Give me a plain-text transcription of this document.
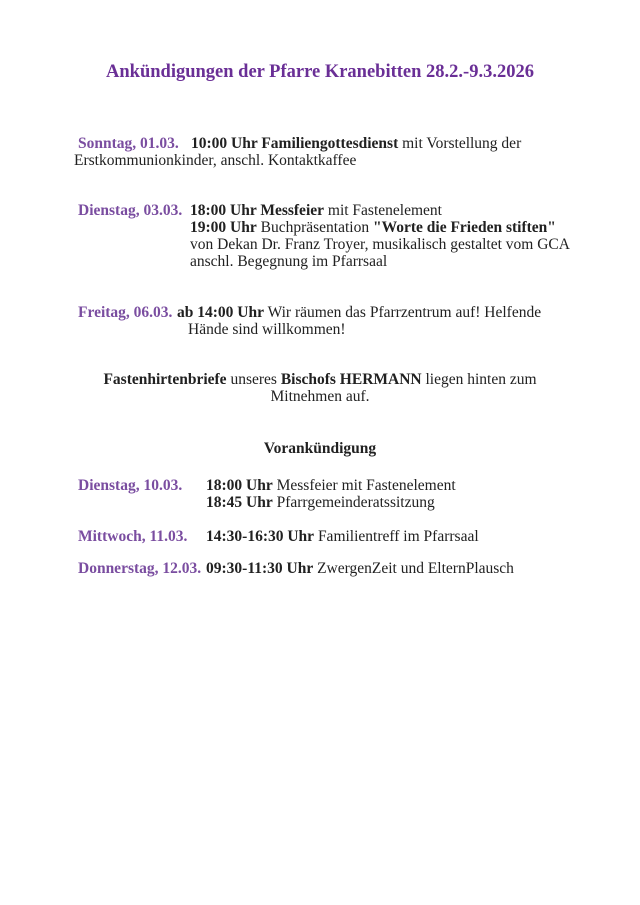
Ankündigungen der Pfarre Kranebitten 28.2.-9.3.2026
Sonntag, 01.03. 10:00 Uhr Familiengottesdienst mit Vorstellung der
Erstkommunionkinder, anschl. Kontaktkaffee
Dienstag, 03.03. 18:00 Uhr Messfeier mit Fastenelement
19:00 Uhr Buchpräsentation "Worte die Frieden stiften"
von Dekan Dr. Franz Troyer, musikalisch gestaltet vom GCA
anschl. Begegnung im Pfarrsaal
Freitag, 06.03. ab 14:00 Uhr Wir räumen das Pfarrzentrum auf! Helfende
Hände sind willkommen!
Fastenhirtenbriefe unseres Bischofs HERMANN liegen hinten zum
Mitnehmen auf.
Vorankündigung
Dienstag, 10.03. 18:00 Uhr Messfeier mit Fastenelement
18:45 Uhr Pfarrgemeinderatssitzung
Mittwoch, 11.03. 14:30-16:30 Uhr Familientreff im Pfarrsaal
Donnerstag, 12.03. 09:30-11:30 Uhr ZwergenZeit und ElternPlausch
